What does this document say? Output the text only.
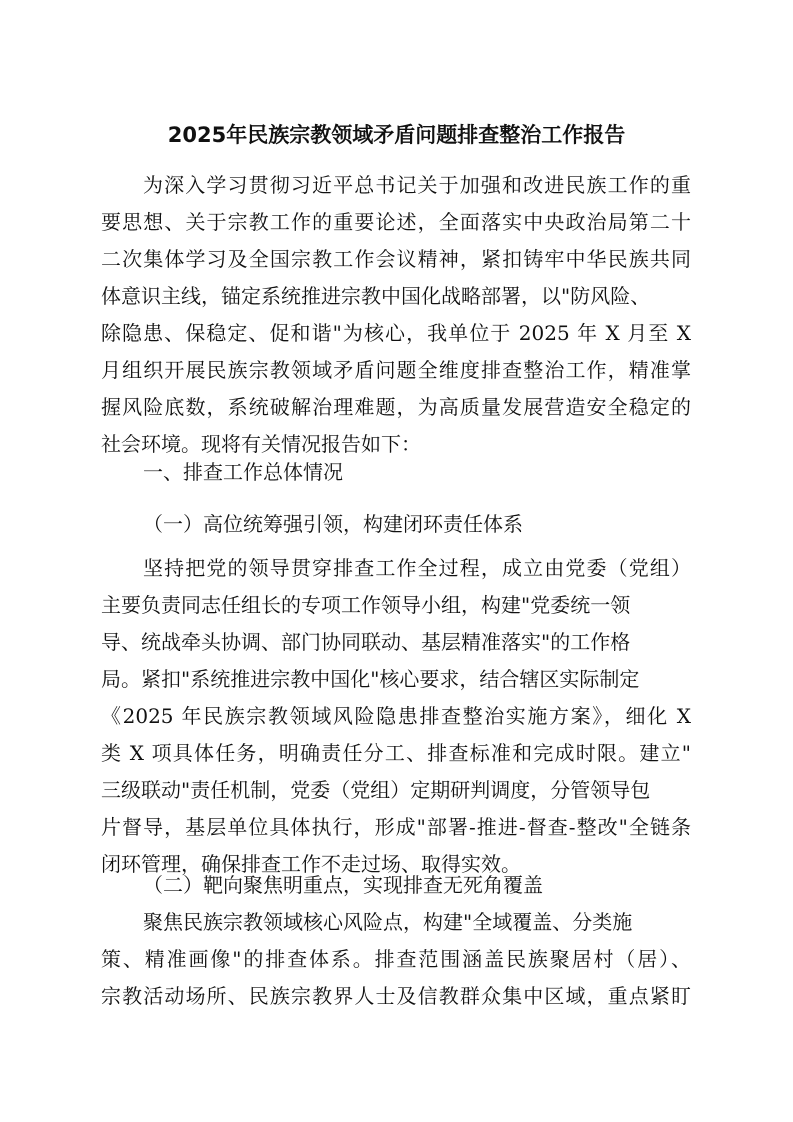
2025年民族宗教领域矛盾问题排查整治工作报告
为深入学习贯彻习近平总书记关于加强和改进民族工作的重
要思想、关于宗教工作的重要论述，全面落实中央政治局第二十
二次集体学习及全国宗教工作会议精神，紧扣铸牢中华民族共同
体意识主线，锚定系统推进宗教中国化战略部署，以"防风险、
除隐患、保稳定、促和谐"为核心，我单位于 2025 年 X 月至 X
月组织开展民族宗教领域矛盾问题全维度排查整治工作，精准掌
握风险底数，系统破解治理难题，为高质量发展营造安全稳定的
社会环境。现将有关情况报告如下：
一、排查工作总体情况
（一）高位统筹强引领，构建闭环责任体系
坚持把党的领导贯穿排查工作全过程，成立由党委（党组）
主要负责同志任组长的专项工作领导小组，构建"党委统一领
导、统战牵头协调、部门协同联动、基层精准落实"的工作格
局。紧扣"系统推进宗教中国化"核心要求，结合辖区实际制定
《2025 年民族宗教领域风险隐患排查整治实施方案》，细化 X
类 X 项具体任务，明确责任分工、排查标准和完成时限。建立"
三级联动"责任机制，党委（党组）定期研判调度，分管领导包
片督导，基层单位具体执行，形成"部署-推进-督查-整改"全链条
闭环管理，确保排查工作不走过场、取得实效。
（二）靶向聚焦明重点，实现排查无死角覆盖
聚焦民族宗教领域核心风险点，构建"全域覆盖、分类施
策、精准画像"的排查体系。排查范围涵盖民族聚居村（居）、
宗教活动场所、民族宗教界人士及信教群众集中区域，重点紧盯
